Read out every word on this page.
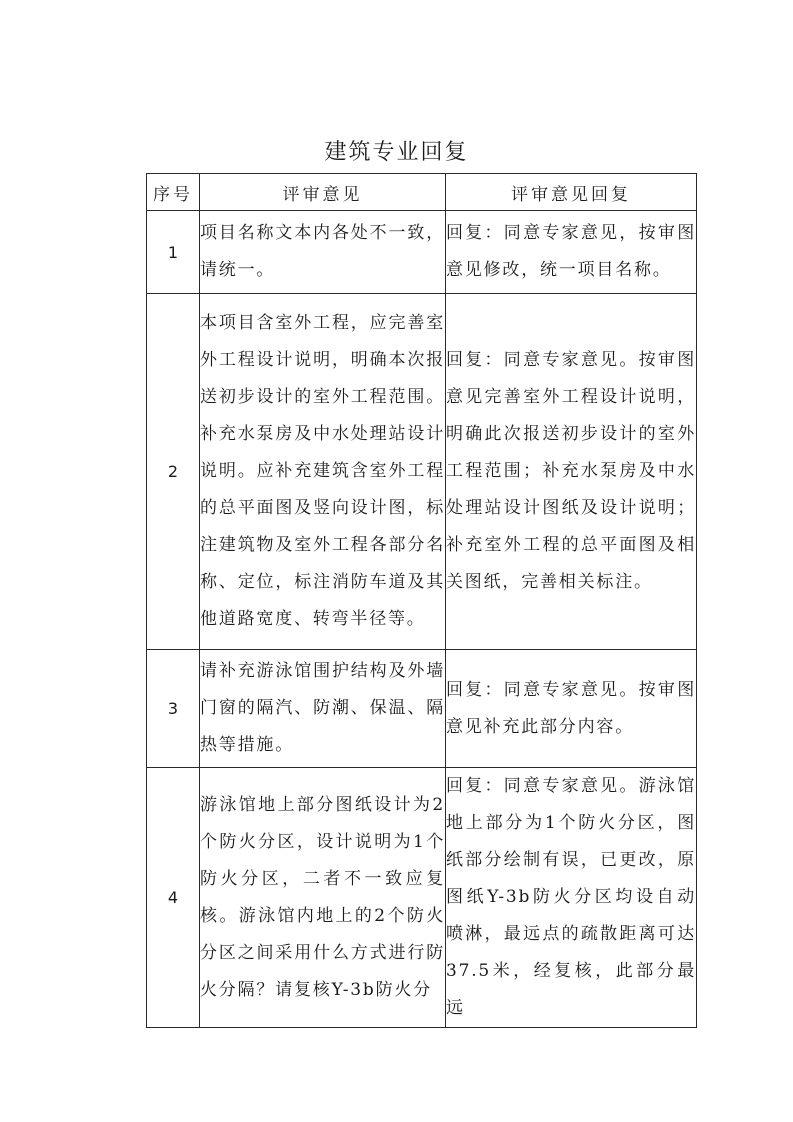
建筑专业回复
序号	评审意见	评审意见回复
1	项目名称文本内各处不一致，请统一。	回复：同意专家意见，按审图意见修改，统一项目名称。
2	本项目含室外工程，应完善室外工程设计说明，明确本次报送初步设计的室外工程范围。补充水泵房及中水处理站设计说明。应补充建筑含室外工程的总平面图及竖向设计图，标注建筑物及室外工程各部分名称、定位，标注消防车道及其他道路宽度、转弯半径等。	回复：同意专家意见。按审图意见完善室外工程设计说明，明确此次报送初步设计的室外工程范围；补充水泵房及中水处理站设计图纸及设计说明；补充室外工程的总平面图及相关图纸，完善相关标注。
3	请补充游泳馆围护结构及外墙门窗的隔汽、防潮、保温、隔热等措施。	回复：同意专家意见。按审图意见补充此部分内容。
4	游泳馆地上部分图纸设计为2个防火分区，设计说明为1个防火分区，二者不一致应复核。游泳馆内地上的2个防火分区之间采用什么方式进行防火分隔？请复核Y-3b防火分	回复：同意专家意见。游泳馆地上部分为1个防火分区，图纸部分绘制有误，已更改，原图纸Y-3b防火分区均设自动喷淋，最远点的疏散距离可达37.5米，经复核，此部分最远
